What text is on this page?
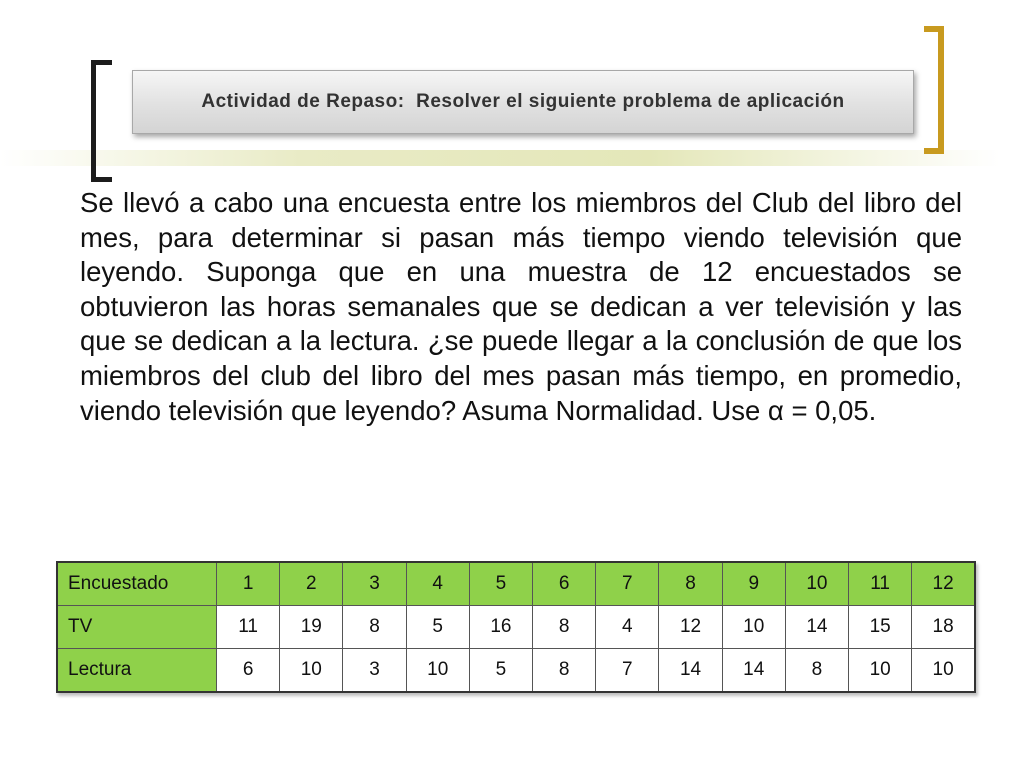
Actividad de Repaso:  Resolver el siguiente problema de aplicación

Se llevó a cabo una encuesta entre los miembros del Club del libro del mes, para determinar si pasan más tiempo viendo televisión que leyendo. Suponga que en una muestra de 12 encuestados se obtuvieron las horas semanales que se dedican a ver televisión y las que se dedican a la lectura. ¿se puede llegar a la conclusión de que los miembros del club del libro del mes pasan más tiempo, en promedio, viendo televisión que leyendo? Asuma Normalidad. Use α = 0,05.

Encuestado	1	2	3	4	5	6	7	8	9	10	11	12
TV	11	19	8	5	16	8	4	12	10	14	15	18
Lectura	6	10	3	10	5	8	7	14	14	8	10	10
